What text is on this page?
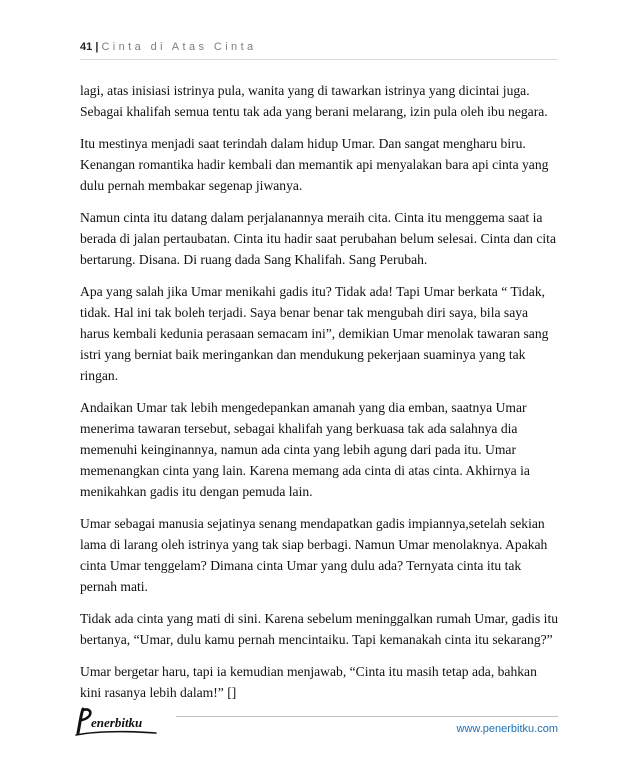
41 | Cinta di Atas Cinta

lagi, atas inisiasi istrinya pula, wanita yang di tawarkan istrinya yang dicintai juga. Sebagai khalifah semua tentu tak ada yang berani melarang, izin pula oleh ibu negara.

Itu mestinya menjadi saat terindah dalam hidup Umar. Dan sangat mengharu biru. Kenangan romantika hadir kembali dan memantik api menyalakan bara api cinta yang dulu pernah membakar segenap jiwanya.

Namun cinta itu datang dalam perjalanannya meraih cita. Cinta itu menggema saat ia berada di jalan pertaubatan. Cinta itu hadir saat perubahan belum selesai. Cinta dan cita bertarung. Disana. Di ruang dada Sang Khalifah. Sang Perubah.

Apa yang salah jika Umar menikahi gadis itu? Tidak ada! Tapi Umar berkata “ Tidak, tidak. Hal ini tak boleh terjadi. Saya benar benar tak mengubah diri saya, bila saya harus kembali kedunia perasaan semacam ini”, demikian Umar menolak tawaran sang istri yang berniat baik meringankan dan mendukung pekerjaan suaminya yang tak ringan.

Andaikan Umar tak lebih mengedepankan amanah yang dia emban, saatnya Umar menerima tawaran tersebut, sebagai khalifah yang berkuasa tak ada salahnya dia memenuhi keinginannya, namun ada cinta yang lebih agung dari pada itu. Umar memenangkan cinta yang lain. Karena memang ada cinta di atas cinta. Akhirnya ia menikahkan gadis itu dengan pemuda lain.

Umar sebagai manusia sejatinya senang mendapatkan gadis impiannya,setelah sekian lama di larang oleh istrinya yang tak siap berbagi. Namun Umar menolaknya. Apakah cinta Umar tenggelam? Dimana cinta Umar yang dulu ada? Ternyata cinta itu tak pernah mati.

Tidak ada cinta yang mati di sini. Karena sebelum meninggalkan rumah Umar, gadis itu bertanya, “Umar, dulu kamu pernah mencintaiku. Tapi kemanakah cinta itu sekarang?”

Umar bergetar haru, tapi ia kemudian menjawab, “Cinta itu masih tetap ada, bahkan kini rasanya lebih dalam!” []

enerbitku	www.penerbitku.com
